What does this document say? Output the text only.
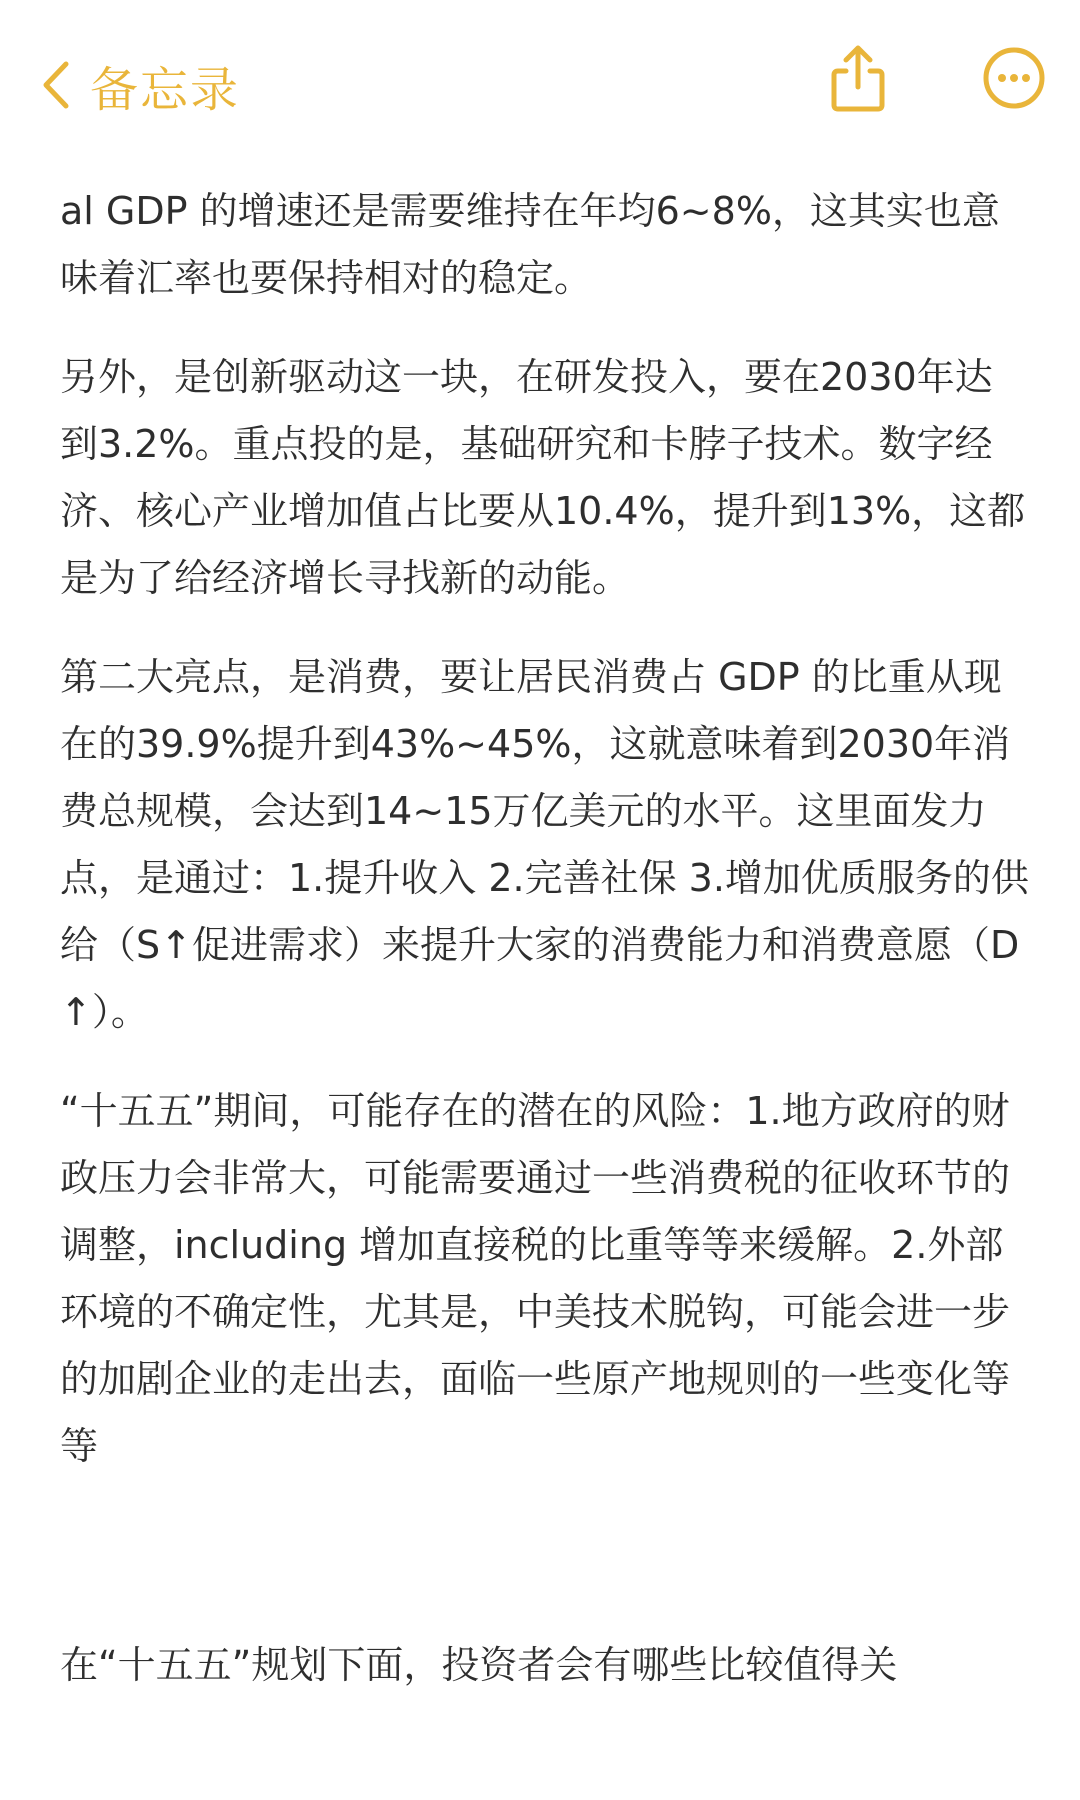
备忘录

al GDP 的增速还是需要维持在年均6~8%，这其实也意味着汇率也要保持相对的稳定。

另外，是创新驱动这一块，在研发投入，要在2030年达到3.2%。重点投的是，基础研究和卡脖子技术。数字经济、核心产业增加值占比要从10.4%，提升到13%，这都是为了给经济增长寻找新的动能。

第二大亮点，是消费，要让居民消费占 GDP 的比重从现在的39.9%提升到43%~45%，这就意味着到2030年消费总规模，会达到14~15万亿美元的水平。这里面发力点，是通过：1.提升收入 2.完善社保 3.增加优质服务的供给（S↑促进需求）来提升大家的消费能力和消费意愿（D↑）。

“十五五”期间，可能存在的潜在的风险：1.地方政府的财政压力会非常大，可能需要通过一些消费税的征收环节的调整，including 增加直接税的比重等等来缓解。2.外部环境的不确定性，尤其是，中美技术脱钩，可能会进一步的加剧企业的走出去，面临一些原产地规则的一些变化等等

在“十五五”规划下面，投资者会有哪些比较值得关
